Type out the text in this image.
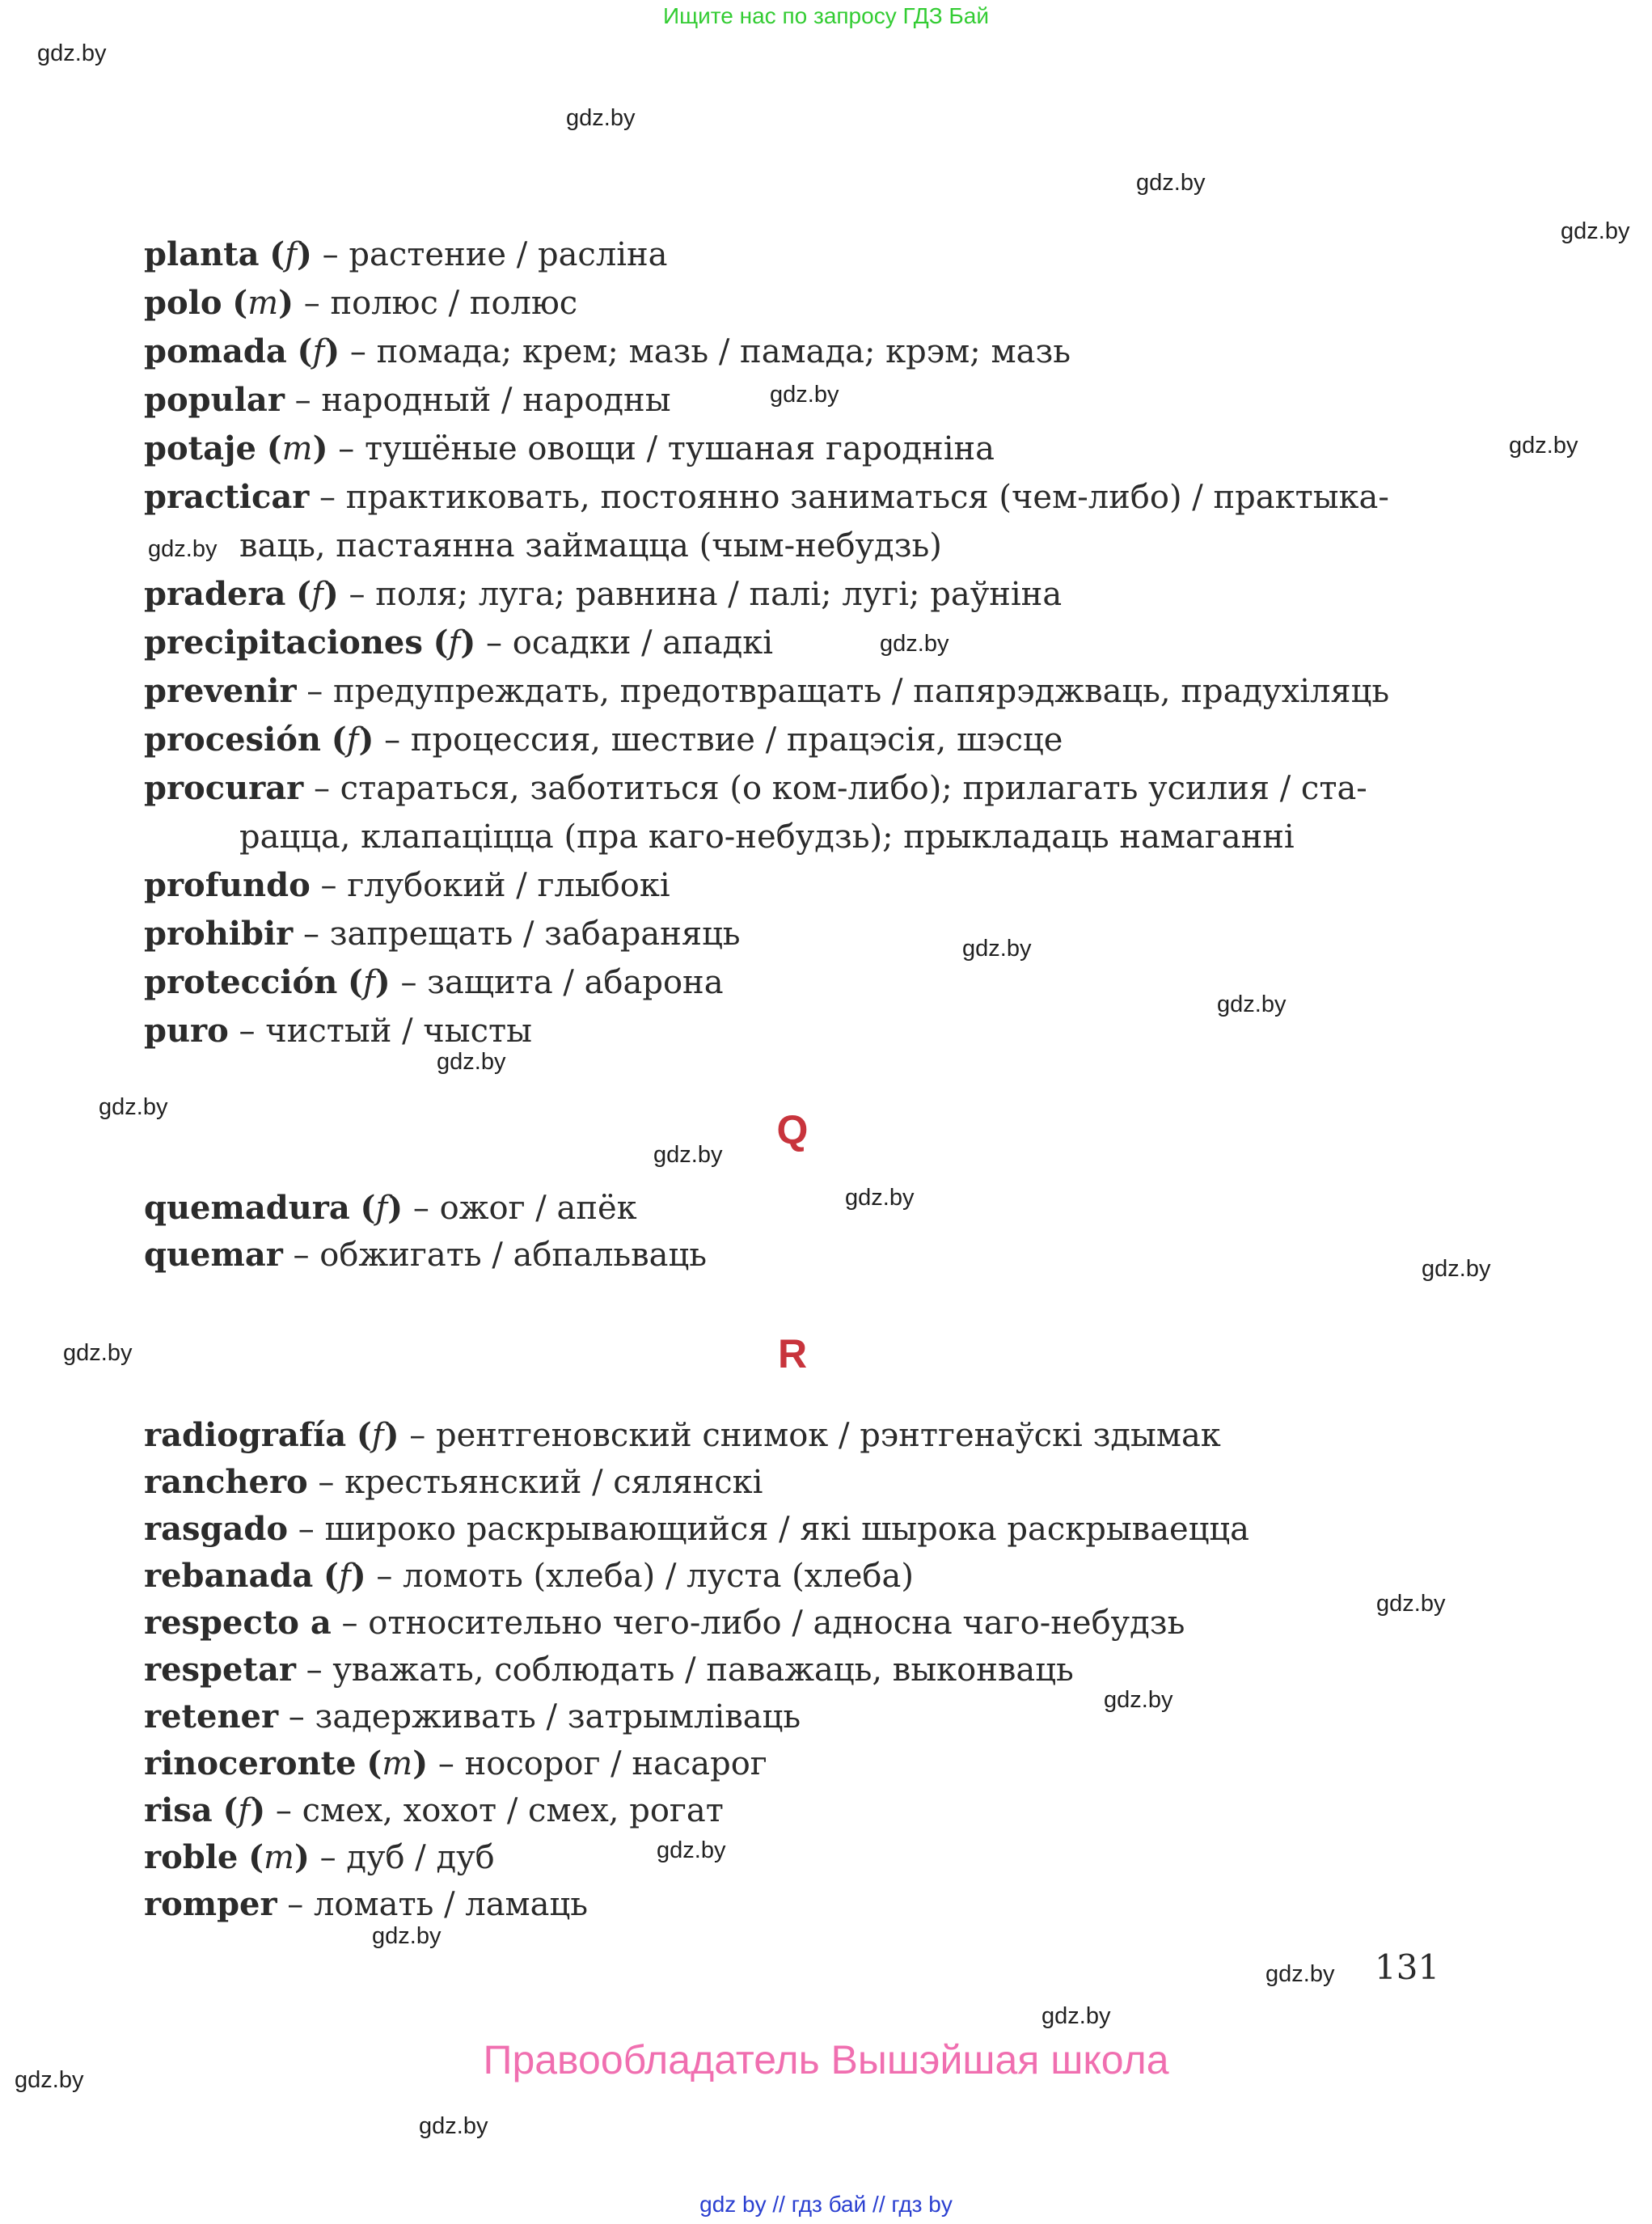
Ищите нас по запросу ГДЗ Бай
gdz.by
gdz.by
gdz.by
gdz.by
gdz.by
gdz.by
gdz.by
gdz.by
gdz.by
gdz.by
gdz.by
gdz.by
gdz.by
gdz.by
gdz.by
gdz.by
gdz.by
gdz.by
gdz.by
gdz.by
gdz.by
gdz.by
gdz.by
gdz.by

planta (f) – растение / расліна

polo (m) – полюс / полюс

pomada (f) – помада; крем; мазь / памада; крэм; мазь

popular – народный / народны

potaje (m) – тушёные овощи / тушаная гароднiна

practicar – практиковать, постоянно заниматься (чем-либо) / практыка-
ваць, пастаянна займацца (чым-небудзь)

pradera (f) – поля; луга; равнина / палi; лугi; раўнiна

precipitaciones (f) – осадки / ападкi

prevenir – предупреждать, предотвращать / папярэджваць, прадухiляць

procesión (f) – процессия, шествие / працэсiя, шэсце

procurar – стараться, заботиться (о ком-либо); прилагать усилия / ста-
рацца, клапацiцца (пра каго-небудзь); прыкладаць намаганнi

profundo – глубокий / глыбокi

prohibir – запрещать / забараняць

protección (f) – защита / абарона

puro – чистый / чысты

Q

quemadura (f) – ожог / апёк

quemar – обжигать / абпальваць

R

radiografía (f) – рентгеновский снимок / рэнтгенаўскi здымак

ranchero – крестьянский / сялянскi

rasgado – широко раскрывающийся / якi шырока раскрываецца

rebanada (f) – ломоть (хлеба) / луста (хлеба)

respecto a – относительно чего-либо / адносна чаго-небудзь

respetar – уважать, соблюдать / паважаць, выконваць

retener – задерживать / затрымлiваць

rinoceronte (m) – носорог / насарог

risa (f) – смех, хохот / смех, рогат

roble (m) – дуб / дуб

romper – ломать / ламаць

131
Правообладатель Вышэйшая школа
gdz by // гдз бай // гдз by
